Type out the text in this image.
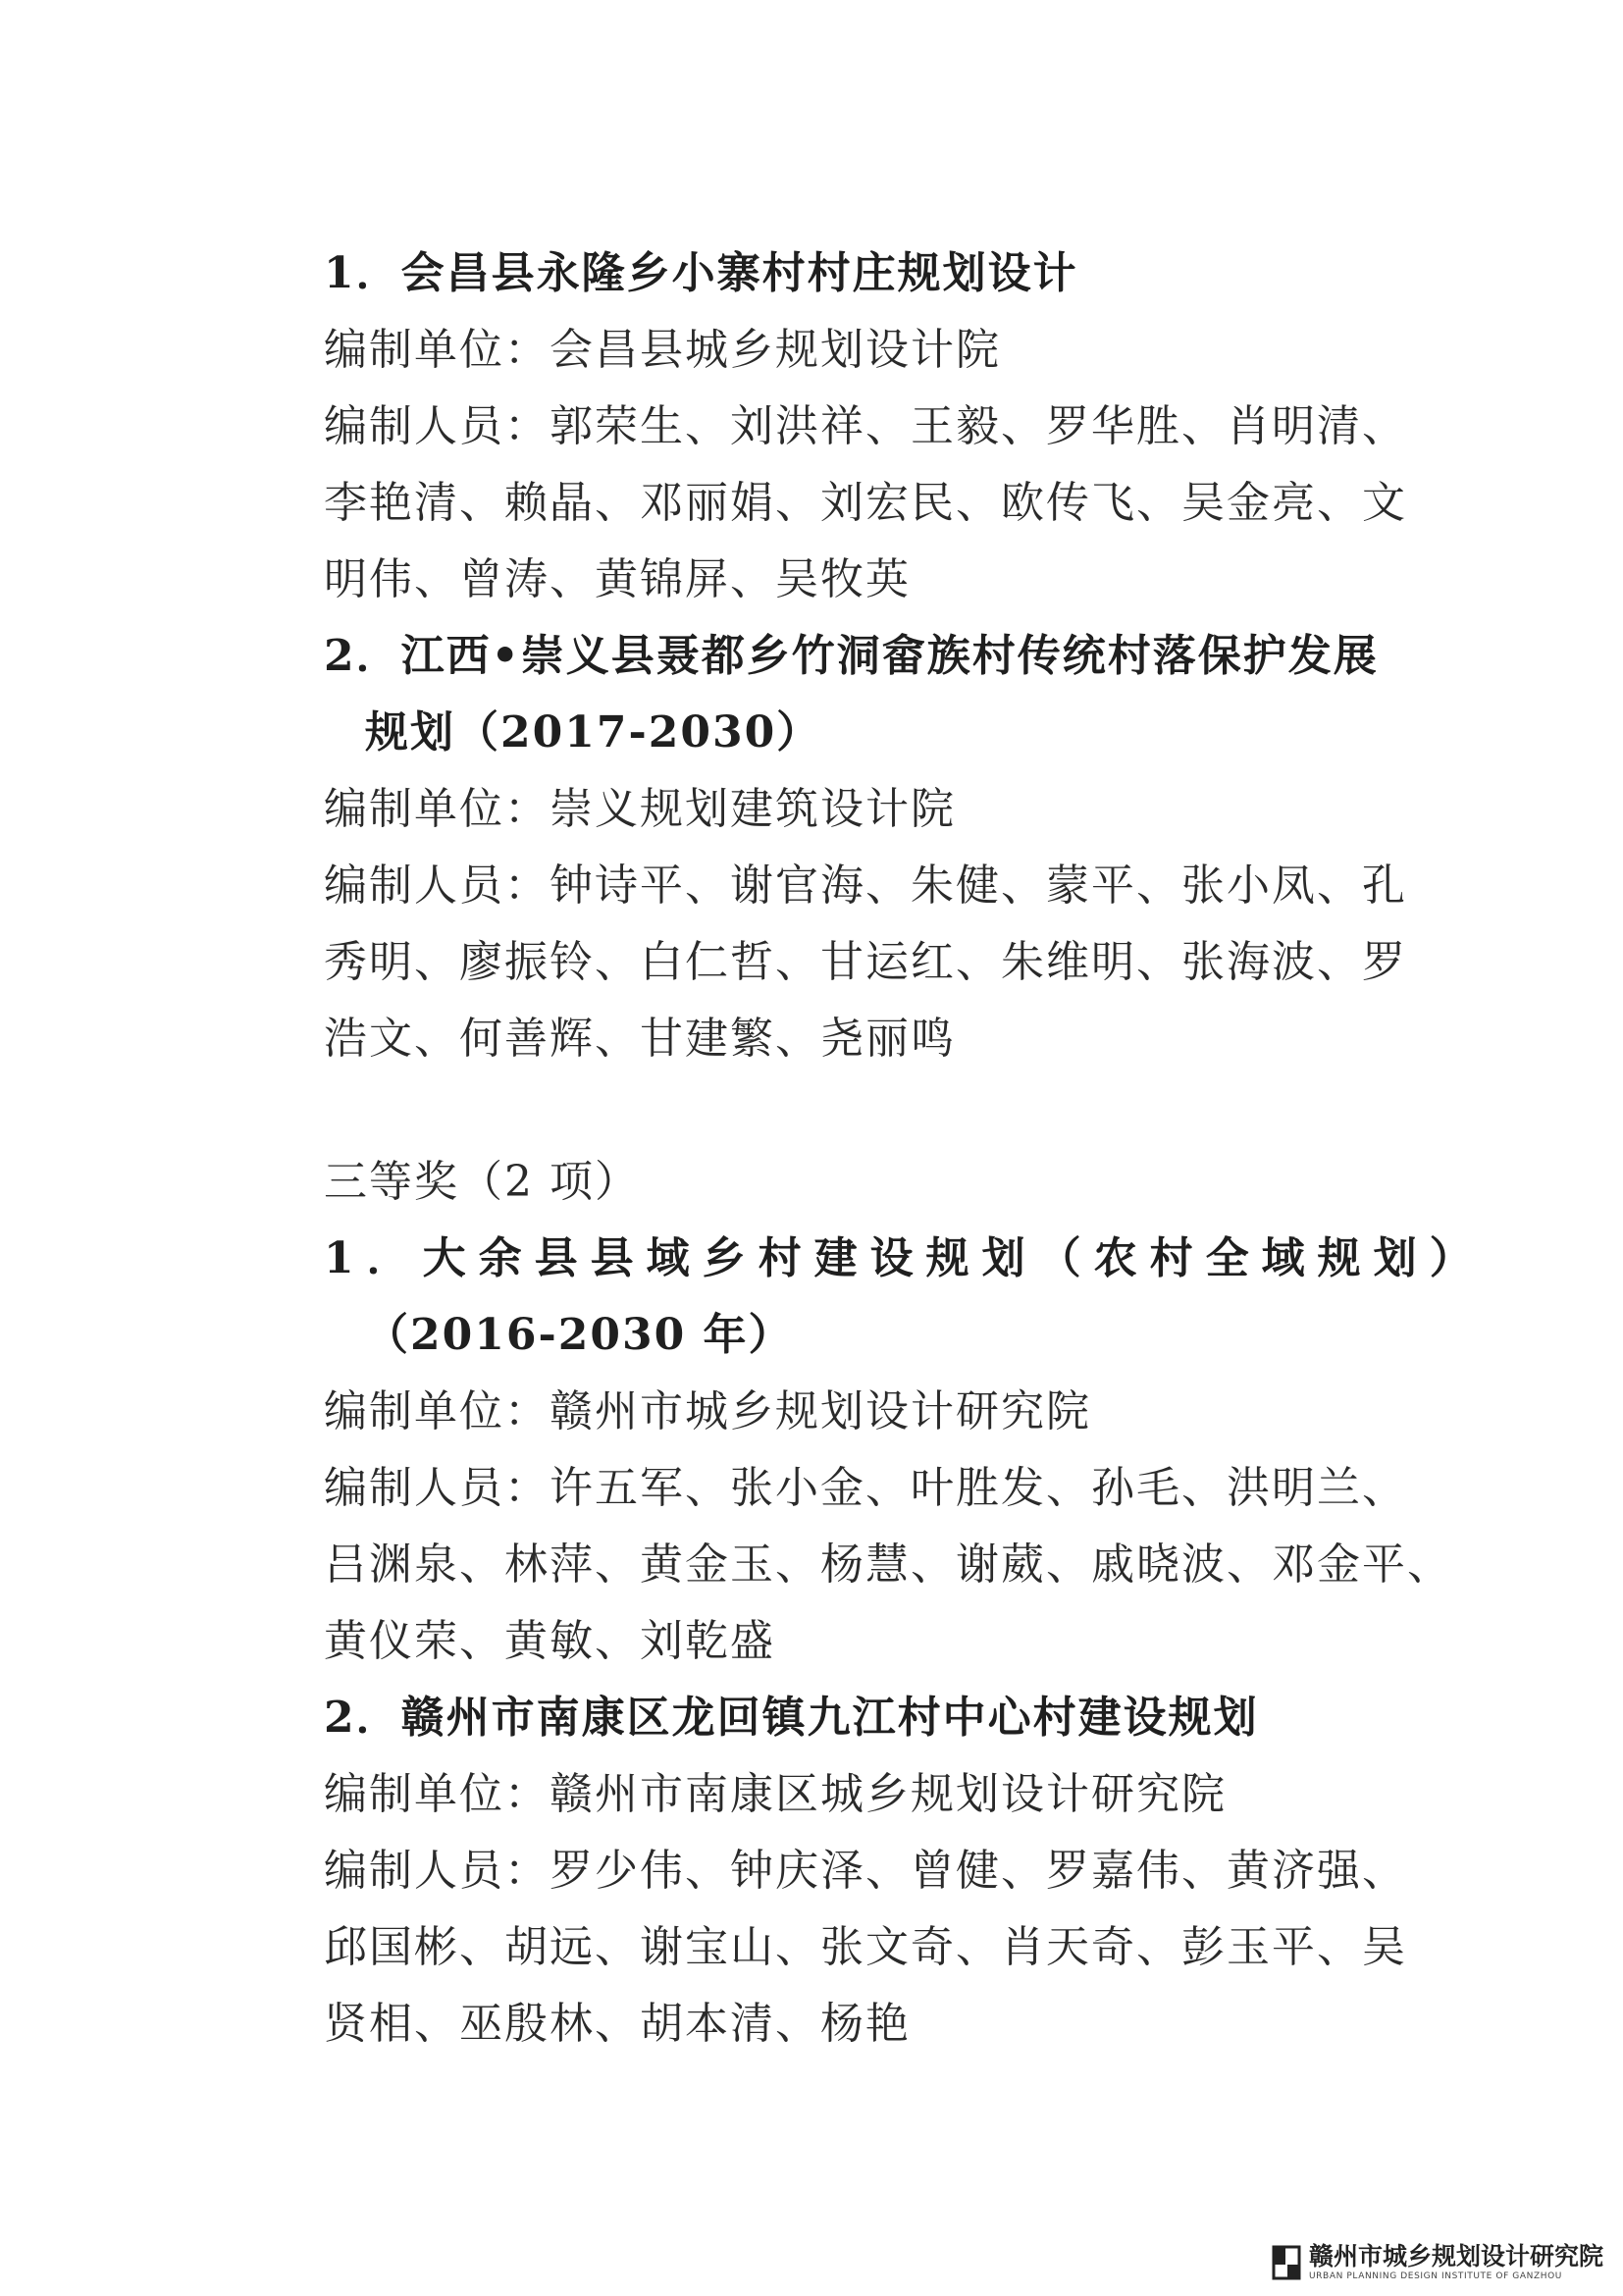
1．会昌县永隆乡小寨村村庄规划设计
编制单位：会昌县城乡规划设计院
编制人员：郭荣生、刘洪祥、王毅、罗华胜、肖明清、
李艳清、赖晶、邓丽娟、刘宏民、欧传飞、吴金亮、文
明伟、曾涛、黄锦屏、吴牧英
2．江西•崇义县聂都乡竹洞畲族村传统村落保护发展
规划（2017-2030）
编制单位：崇义规划建筑设计院
编制人员：钟诗平、谢官海、朱健、蒙平、张小凤、孔
秀明、廖振铃、白仁哲、甘运红、朱维明、张海波、罗
浩文、何善辉、甘建繁、尧丽鸣
三等奖（2 项）
1．大余县县域乡村建设规划（农村全域规划）
（2016-2030 年）
编制单位：赣州市城乡规划设计研究院
编制人员：许五军、张小金、叶胜发、孙毛、洪明兰、
吕渊泉、林萍、黄金玉、杨慧、谢葳、戚晓波、邓金平、
黄仪荣、黄敏、刘乾盛
2．赣州市南康区龙回镇九江村中心村建设规划
编制单位：赣州市南康区城乡规划设计研究院
编制人员：罗少伟、钟庆泽、曾健、罗嘉伟、黄济强、
邱国彬、胡远、谢宝山、张文奇、肖天奇、彭玉平、吴
贤相、巫殷林、胡本清、杨艳
赣州市城乡规划设计研究院
URBAN PLANNING DESIGN INSTITUTE OF GANZHOU
